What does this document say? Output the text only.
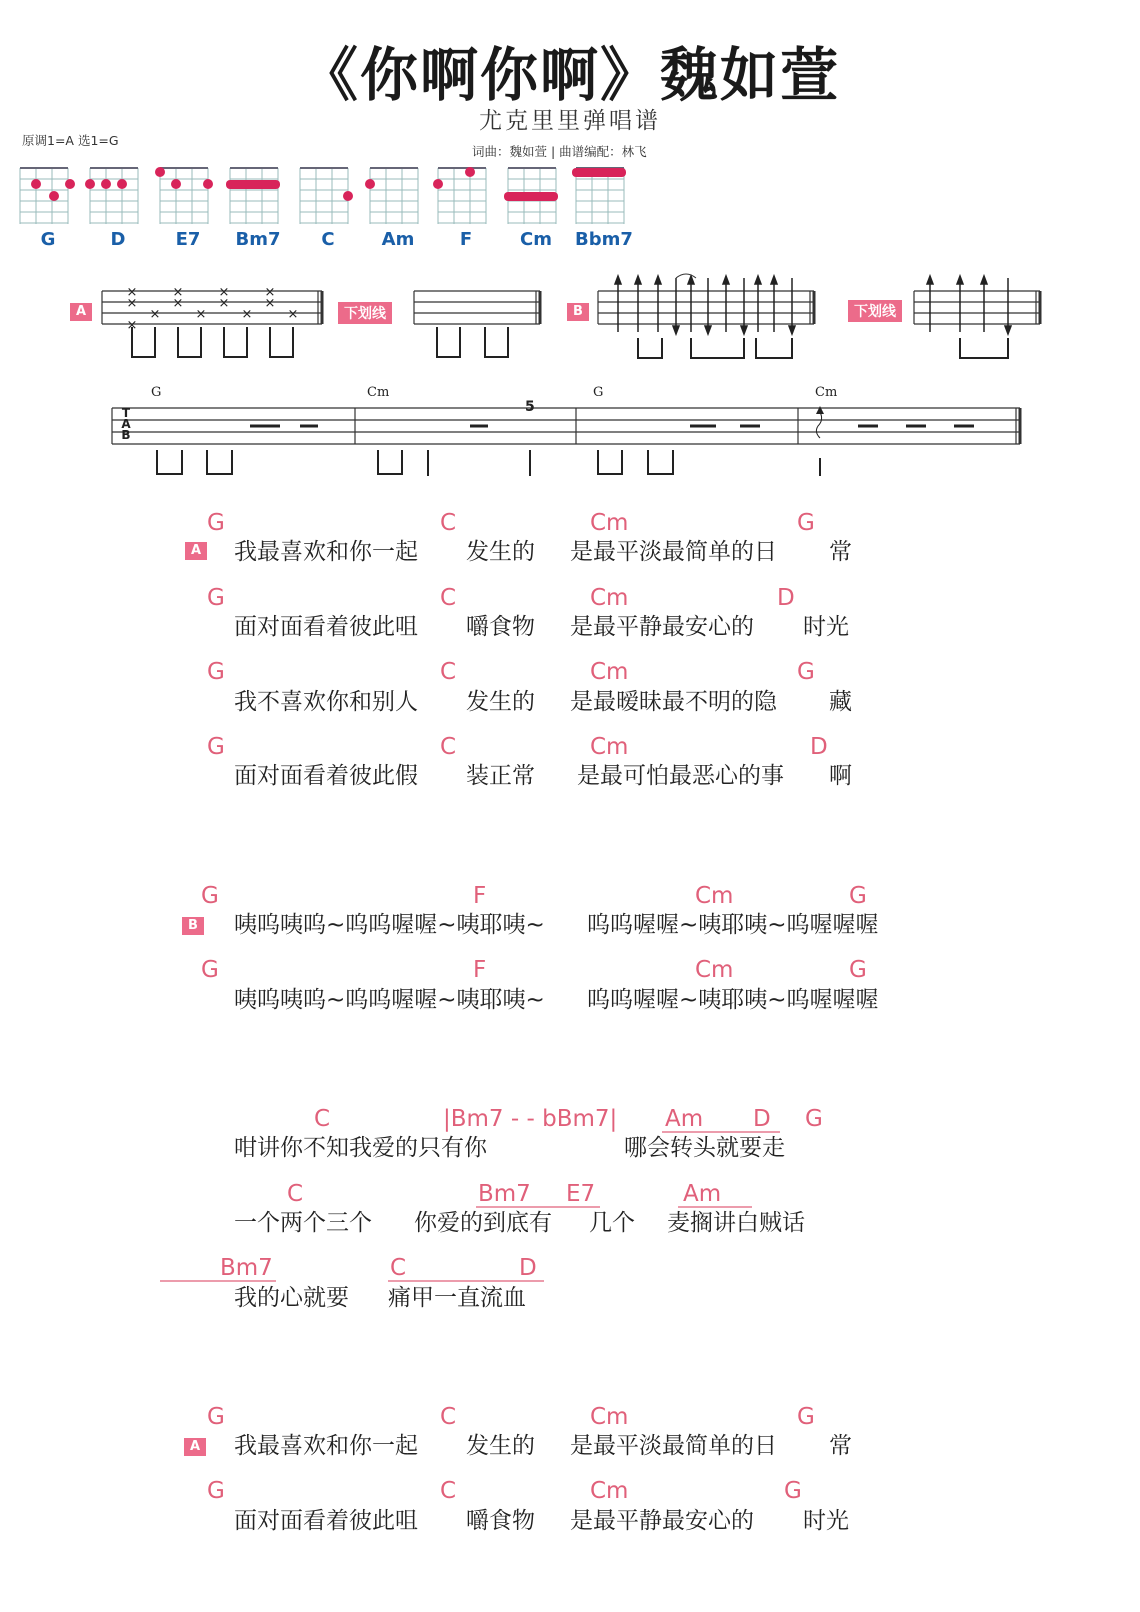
《你啊你啊》魏如萱
尤克里里弹唱谱
原调1=A 选1=G
词曲：魏如萱 | 曲谱编配：林飞
G	D	E7	Bm7	C	Am	F	Cm	Bbm7
A
×
×
×
×
×
×
×
×
×
×
×
×
×
下划线	B	下划线
T A B
G	Cm	G	Cm
5
A
G	C	Cm	G
我最喜欢和你一起 发生的 是最平淡最简单的日 常
G	C	Cm	D
面对面看着彼此咀 嚼食物 是最平静最安心的 时光
G	C	Cm	G
我不喜欢你和别人 发生的 是最暧昧最不明的隐 藏
G	C	Cm	D
面对面看着彼此假 装正常 是最可怕最恶心的事 啊
B
G	F	Cm	G
咦呜咦呜~呜呜喔喔~咦耶咦~ 呜呜喔喔~咦耶咦~呜喔喔喔
G	F	Cm	G
咦呜咦呜~呜呜喔喔~咦耶咦~ 呜呜喔喔~咦耶咦~呜喔喔喔
C	|Bm7 - - bBm7| Am D G
咁讲你不知我爱的只有你	哪会转头就要走
C	Bm7 E7	Am
一个两个三个 你爱的到底有 几个 麦搁讲白贼话
Bm7	C	D
我的心就要 痛甲一直流血
A
G	C	Cm	G
我最喜欢和你一起 发生的 是最平淡最简单的日 常
G	C	Cm	G
面对面看着彼此咀 嚼食物 是最平静最安心的 时光
